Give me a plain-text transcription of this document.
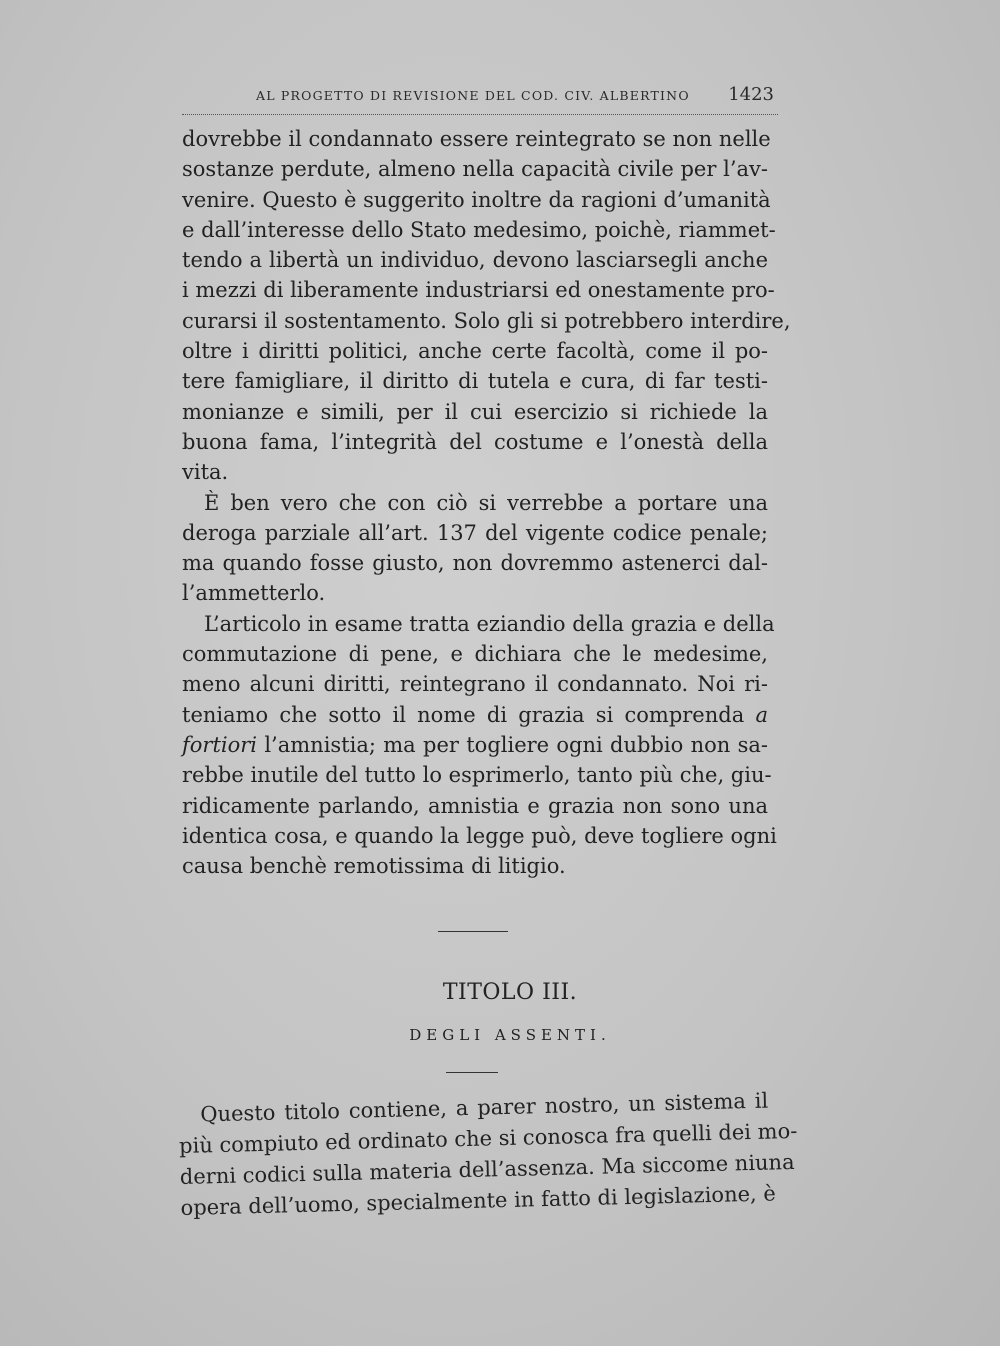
AL PROGETTO DI REVISIONE DEL COD. CIV. ALBERTINO 1423
dovrebbe il condannato essere reintegrato se non nelle
sostanze perdute, almeno nella capacità civile per l’av-
venire. Questo è suggerito inoltre da ragioni d’umanità
e dall’interesse dello Stato medesimo, poichè, riammet-
tendo a libertà un individuo, devono lasciarsegli anche
i mezzi di liberamente industriarsi ed onestamente pro-
curarsi il sostentamento. Solo gli si potrebbero interdire,
oltre i diritti politici, anche certe facoltà, come il po-
tere famigliare, il diritto di tutela e cura, di far testi-
monianze e simili, per il cui esercizio si richiede la
buona fama, l’integrità del costume e l’onestà della
vita.
È ben vero che con ciò si verrebbe a portare una
deroga parziale all’art. 137 del vigente codice penale;
ma quando fosse giusto, non dovremmo astenerci dal-
l’ammetterlo.
L’articolo in esame tratta eziandio della grazia e della
commutazione di pene, e dichiara che le medesime,
meno alcuni diritti, reintegrano il condannato. Noi ri-
teniamo che sotto il nome di grazia si comprenda a
fortiori l’amnistia; ma per togliere ogni dubbio non sa-
rebbe inutile del tutto lo esprimerlo, tanto più che, giu-
ridicamente parlando, amnistia e grazia non sono una
identica cosa, e quando la legge può, deve togliere ogni
causa benchè remotissima di litigio.
TITOLO III.
DEGLI ASSENTI.
Questo titolo contiene, a parer nostro, un sistema il
più compiuto ed ordinato che si conosca fra quelli dei mo-
derni codici sulla materia dell’assenza. Ma siccome niuna
opera dell’uomo, specialmente in fatto di legislazione, è
